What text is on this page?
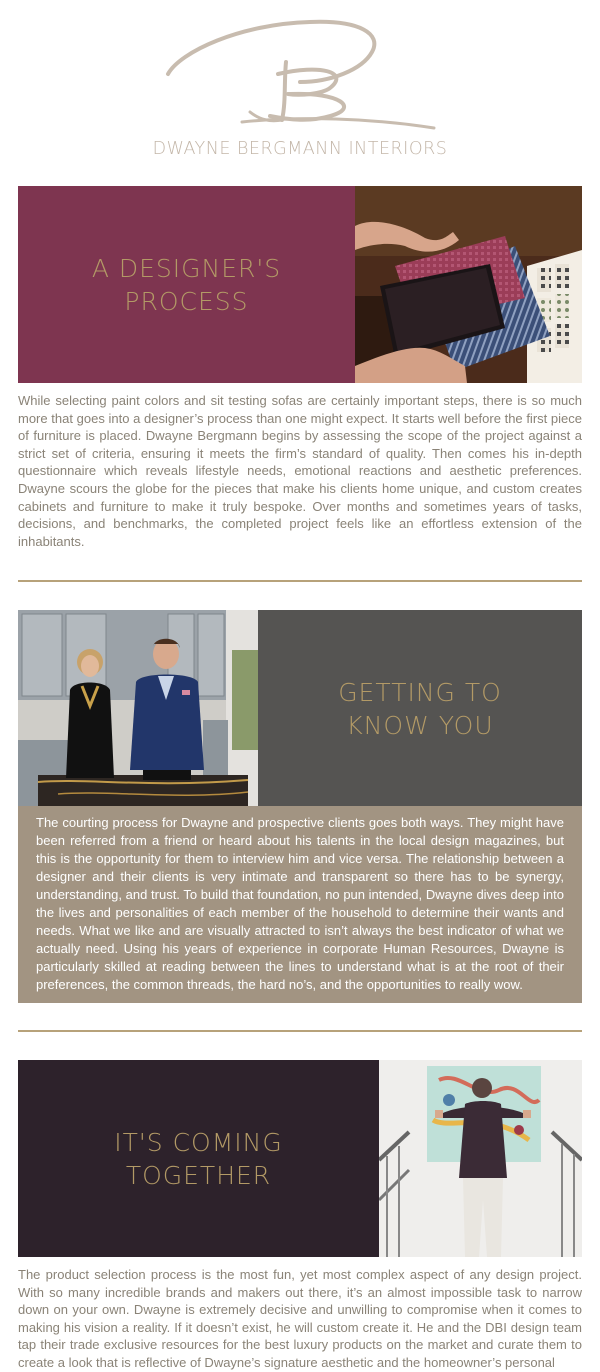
DWAYNE BERGMANN INTERIORS
A DESIGNER'S
PROCESS
While selecting paint colors and sit testing sofas are certainly important steps, there is so much more that goes into a designer’s process than one might expect. It starts well before the first piece of furniture is placed. Dwayne Bergmann begins by assessing the scope of the project against a strict set of criteria, ensuring it meets the firm’s standard of quality. Then comes his in-depth questionnaire which reveals lifestyle needs, emotional reactions and aesthetic preferences. Dwayne scours the globe for the pieces that make his clients home unique, and custom creates cabinets and furniture to make it truly bespoke. Over months and sometimes years of tasks, decisions, and benchmarks, the completed project feels like an effortless extension of the inhabitants.
GETTING TO
KNOW YOU
The courting process for Dwayne and prospective clients goes both ways. They might have been referred from a friend or heard about his talents in the local design magazines, but this is the opportunity for them to interview him and vice versa. The relationship between a designer and their clients is very intimate and transparent so there has to be synergy, understanding, and trust. To build that foundation, no pun intended, Dwayne dives deep into the lives and personalities of each member of the household to determine their wants and needs. What we like and are visually attracted to isn’t always the best indicator of what we actually need. Using his years of experience in corporate Human Resources, Dwayne is particularly skilled at reading between the lines to understand what is at the root of their preferences, the common threads, the hard no’s, and the opportunities to really wow.
IT'S COMING
TOGETHER
The product selection process is the most fun, yet most complex aspect of any design project. With so many incredible brands and makers out there, it’s an almost impossible task to narrow down on your own. Dwayne is extremely decisive and unwilling to compromise when it comes to making his vision a reality. If it doesn’t exist, he will custom create it. He and the DBI design team tap their trade exclusive resources for the best luxury products on the market and curate them to create a look that is reflective of Dwayne’s signature aesthetic and the homeowner’s personal
